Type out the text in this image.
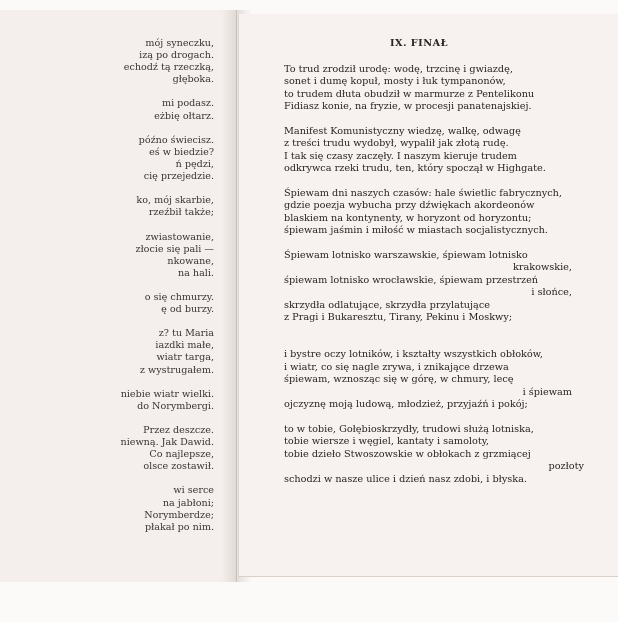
mój syneczku,
izą po drogach.
echodź tą rzeczką,
głęboka.
mi podasz.
eżbię ołtarz.
późno świecisz.
eś w biedzie?
ń pędzi,
cię przejedzie.
ko, mój skarbie,
rzeźbił także;
zwiastowanie,
złocie się pali —
nkowane,
na hali.
o się chmurzy.
ę od burzy.
z? tu Maria
iazdki małe,
wiatr targa,
z wystrugałem.
niebie wiatr wielki.
do Norymbergi.
Przez deszcze.
niewną. Jak Dawid.
Co najlepsze,
olsce zostawił.
wi serce
na jabłoni;
Norymberdze;
płakał po nim.
IX. FINAŁ
To trud zrodził urodę: wodę, trzcinę i gwiazdę,
sonet i dumę kopuł, mosty i łuk tympanonów,
to trudem dłuta obudził w marmurze z Pentelikonu
Fidiasz konie, na fryzie, w procesji panatenajskiej.
Manifest Komunistyczny wiedzę, walkę, odwagę
z treści trudu wydobył, wypalił jak złotą rudę.
I tak się czasy zaczęły. I naszym kieruje trudem
odkrywca rzeki trudu, ten, który spoczął w Highgate.
Śpiewam dni naszych czasów: hale świetlic fabrycznych,
gdzie poezja wybucha przy dźwiękach akordeonów
blaskiem na kontynenty, w horyzont od horyzontu;
śpiewam jaśmin i miłość w miastach socjalistycznych.
Śpiewam lotnisko warszawskie, śpiewam lotnisko
krakowskie,
śpiewam lotnisko wrocławskie, śpiewam przestrzeń
i słońce,
skrzydła odlatujące, skrzydła przylatujące
z Pragi i Bukaresztu, Tirany, Pekinu i Moskwy;

i bystre oczy lotników, i kształty wszystkich obłoków,
i wiatr, co się nagle zrywa, i znikające drzewa
śpiewam, wznosząc się w górę, w chmury, lecę
i śpiewam
ojczyznę moją ludową, młodzież, przyjaźń i pokój;
to w tobie, Gołębioskrzydły, trudowi służą lotniska,
tobie wiersze i węgiel, kantaty i samoloty,
tobie dzieło Stwoszowskie w obłokach z grzmiącej
pozłoty
schodzi w nasze ulice i dzień nasz zdobi, i błyska.
